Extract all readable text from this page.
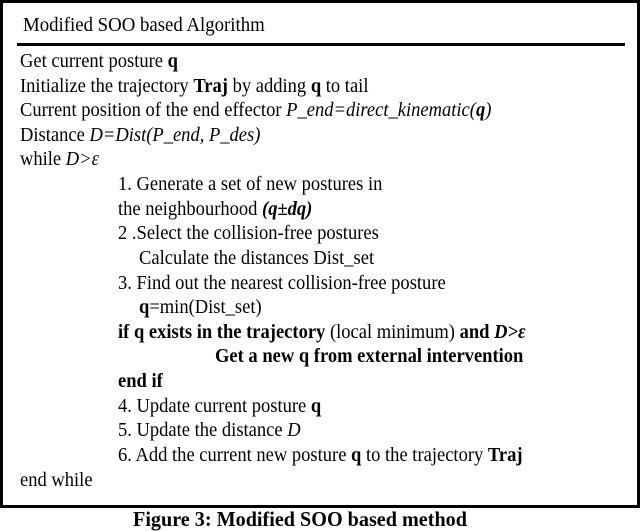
Modified SOO based Algorithm
Get current posture q
Initialize the trajectory Traj by adding q to tail
Current position of the end effector P_end=direct_kinematic(q)
Distance D=Dist(P_end, P_des)
while D>ε
1. Generate a set of new postures in
the neighbourhood (q±dq)
2 .Select the collision-free postures
Calculate the distances Dist_set
3. Find out the nearest collision-free posture
q=min(Dist_set)
if q exists in the trajectory (local minimum) and D>ε
Get a new q from external intervention
end if
4. Update current posture q
5. Update the distance D
6. Add the current new posture q to the trajectory Traj
end while
Figure 3: Modified SOO based method
